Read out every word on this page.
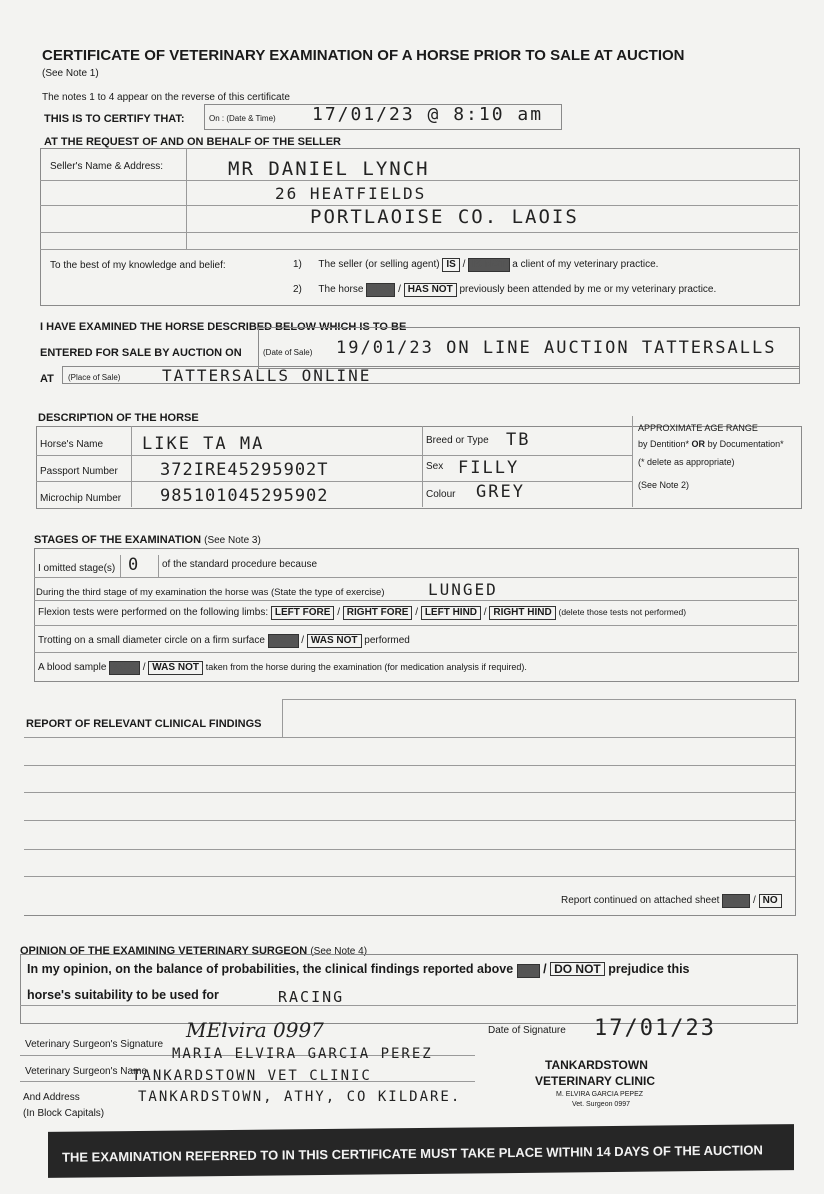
CERTIFICATE OF VETERINARY EXAMINATION OF A HORSE PRIOR TO SALE AT AUCTION
(See Note 1)
The notes 1 to 4 appear on the reverse of this certificate
THIS IS TO CERTIFY THAT:	On : (Date & Time) 17/01/23 @ 8:10 am
AT THE REQUEST OF AND ON BEHALF OF THE SELLER
Seller's Name & Address:	MR DANIEL LYNCH
26 HEATFIELDS
PORTLAOISE CO. LAOIS
To the best of my knowledge and belief:	1) The seller (or selling agent) IS / IS NOT a client of my veterinary practice.
2) The horse HAS / HAS NOT previously been attended by me or my veterinary practice.
I HAVE EXAMINED THE HORSE DESCRIBED BELOW WHICH IS TO BE
ENTERED FOR SALE BY AUCTION ON	(Date of Sale) 19/01/23 ON LINE AUCTION TATTERSALLS
AT (Place of Sale)	TATTERSALLS ONLINE
DESCRIPTION OF THE HORSE
Horse's Name LIKE TA MA
Passport Number 372IRE45295902T
Microchip Number 985101045295902
Breed or Type TB
Sex FILLY
Colour GREY
APPROXIMATE AGE RANGE
by Dentition* OR by Documentation*
(* delete as appropriate)
(See Note 2)
STAGES OF THE EXAMINATION (See Note 3)
I omitted stage(s) 0 of the standard procedure because
During the third stage of my examination the horse was (State the type of exercise)	LUNGED
Flexion tests were performed on the following limbs: LEFT FORE / RIGHT FORE / LEFT HIND / RIGHT HIND (delete those tests not performed)
Trotting on a small diameter circle on a firm surface WAS / WAS NOT performed
A blood sample WAS / WAS NOT taken from the horse during the examination (for medication analysis if required).
REPORT OF RELEVANT CLINICAL FINDINGS
Report continued on attached sheet YES / NO
OPINION OF THE EXAMINING VETERINARY SURGEON (See Note 4)
In my opinion, on the balance of probabilities, the clinical findings reported above DO / DO NOT prejudice this
horse's suitability to be used for	RACING
Veterinary Surgeon's Signature
MElvira 0997	Date of Signature 17/01/23
Veterinary Surgeon's Name
MARIA ELVIRA GARCIA PEREZ
And Address
(In Block Capitals)
TANKARDSTOWN VET CLINIC
TANKARDSTOWN, ATHY, CO KILDARE.
TANKARDSTOWN
VETERINARY CLINIC
M. ELVIRA GARCIA PEPEZ
Vet. Surgeon 0997
THE EXAMINATION REFERRED TO IN THIS CERTIFICATE MUST TAKE PLACE WITHIN 14 DAYS OF THE AUCTION
